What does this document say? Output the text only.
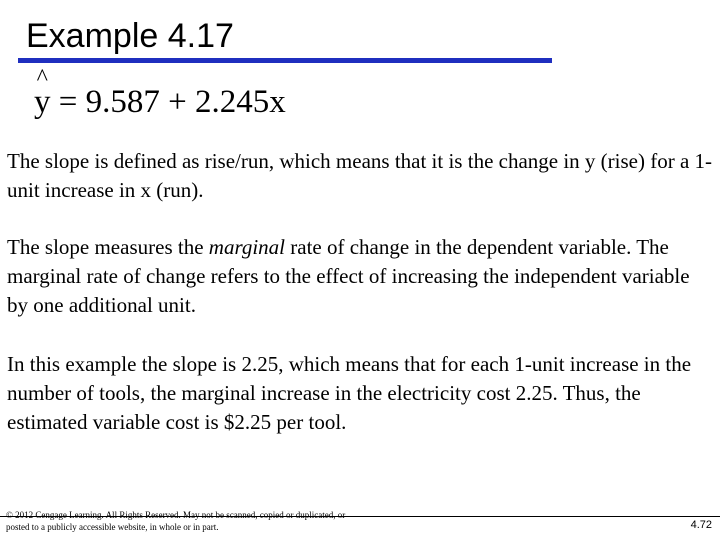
Example 4.17
^
y = 9.587 + 2.245x

The slope is defined as rise/run, which means that it is the change in y (rise) for a 1-unit increase in x (run).

The slope measures the marginal rate of change in the dependent variable. The marginal rate of change refers to the effect of increasing the independent variable by one additional unit.

In this example the slope is 2.25, which means that for each 1-unit increase in the number of tools, the marginal increase in the electricity cost 2.25. Thus, the estimated variable cost is $2.25 per tool.

© 2012 Cengage Learning. All Rights Reserved. May not be scanned, copied or duplicated, or posted to a publicly accessible website, in whole or in part.	4.72
